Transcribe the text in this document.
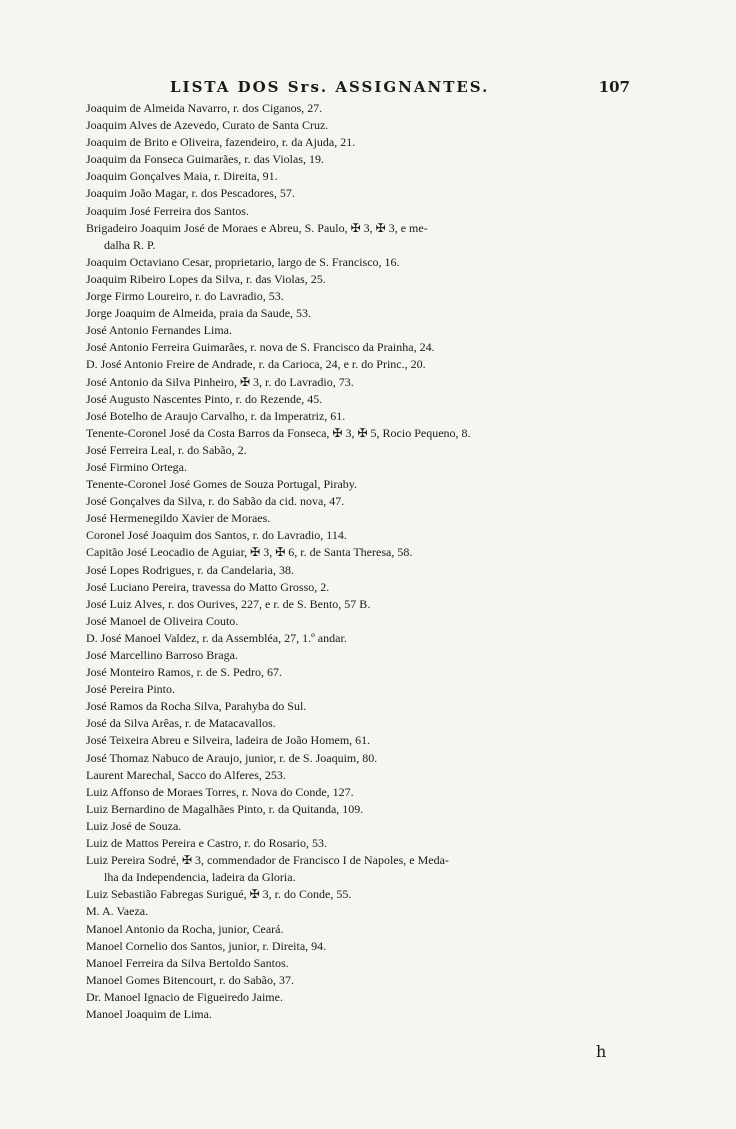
LISTA DOS Srs. ASSIGNANTES.	107
Joaquim de Almeida Navarro, r. dos Ciganos, 27.
Joaquim Alves de Azevedo, Curato de Santa Cruz.
Joaquim de Brito e Oliveira, fazendeiro, r. da Ajuda, 21.
Joaquim da Fonseca Guimarães, r. das Violas, 19.
Joaquim Gonçalves Maia, r. Direita, 91.
Joaquim João Magar, r. dos Pescadores, 57.
Joaquim José Ferreira dos Santos.
Brigadeiro Joaquim José de Moraes e Abreu, S. Paulo, ✠ 3, ✠ 3, e me-
dalha R. P.
Joaquim Octaviano Cesar, proprietario, largo de S. Francisco, 16.
Joaquim Ribeiro Lopes da Silva, r. das Violas, 25.
Jorge Firmo Loureiro, r. do Lavradio, 53.
Jorge Joaquim de Almeida, praia da Saude, 53.
José Antonio Fernandes Lima.
José Antonio Ferreira Guimarães, r. nova de S. Francisco da Prainha, 24.
D. José Antonio Freire de Andrade, r. da Carioca, 24, e r. do Princ., 20.
José Antonio da Silva Pinheiro, ✠ 3, r. do Lavradio, 73.
José Augusto Nascentes Pinto, r. do Rezende, 45.
José Botelho de Araujo Carvalho, r. da Imperatriz, 61.
Tenente-Coronel José da Costa Barros da Fonseca, ✠ 3, ✠ 5, Rocio Pequeno, 8.
José Ferreira Leal, r. do Sabão, 2.
José Firmino Ortega.
Tenente-Coronel José Gomes de Souza Portugal, Piraby.
José Gonçalves da Silva, r. do Sabão da cid. nova, 47.
José Hermenegildo Xavier de Moraes.
Coronel José Joaquim dos Santos, r. do Lavradio, 114.
Capitão José Leocadio de Aguiar, ✠ 3, ✠ 6, r. de Santa Theresa, 58.
José Lopes Rodrigues, r. da Candelaria, 38.
José Luciano Pereira, travessa do Matto Grosso, 2.
José Luiz Alves, r. dos Ourives, 227, e r. de S. Bento, 57 B.
José Manoel de Oliveira Couto.
D. José Manoel Valdez, r. da Assembléa, 27, 1.º andar.
José Marcellino Barroso Braga.
José Monteiro Ramos, r. de S. Pedro, 67.
José Pereira Pinto.
José Ramos da Rocha Silva, Parahyba do Sul.
José da Silva Arêas, r. de Matacavallos.
José Teixeira Abreu e Silveira, ladeira de João Homem, 61.
José Thomaz Nabuco de Araujo, junior, r. de S. Joaquim, 80.
Laurent Marechal, Sacco do Alferes, 253.
Luiz Affonso de Moraes Torres, r. Nova do Conde, 127.
Luiz Bernardino de Magalhães Pinto, r. da Quitanda, 109.
Luiz José de Souza.
Luiz de Mattos Pereira e Castro, r. do Rosario, 53.
Luiz Pereira Sodré, ✠ 3, commendador de Francisco I de Napoles, e Meda-
lha da Independencia, ladeira da Gloria.
Luiz Sebastião Fabregas Surigué, ✠ 3, r. do Conde, 55.
M. A. Vaeza.
Manoel Antonio da Rocha, junior, Ceará.
Manoel Cornelio dos Santos, junior, r. Direita, 94.
Manoel Ferreira da Silva Bertoldo Santos.
Manoel Gomes Bitencourt, r. do Sabão, 37.
Dr. Manoel Ignacio de Figueiredo Jaime.
Manoel Joaquim de Lima.
h
